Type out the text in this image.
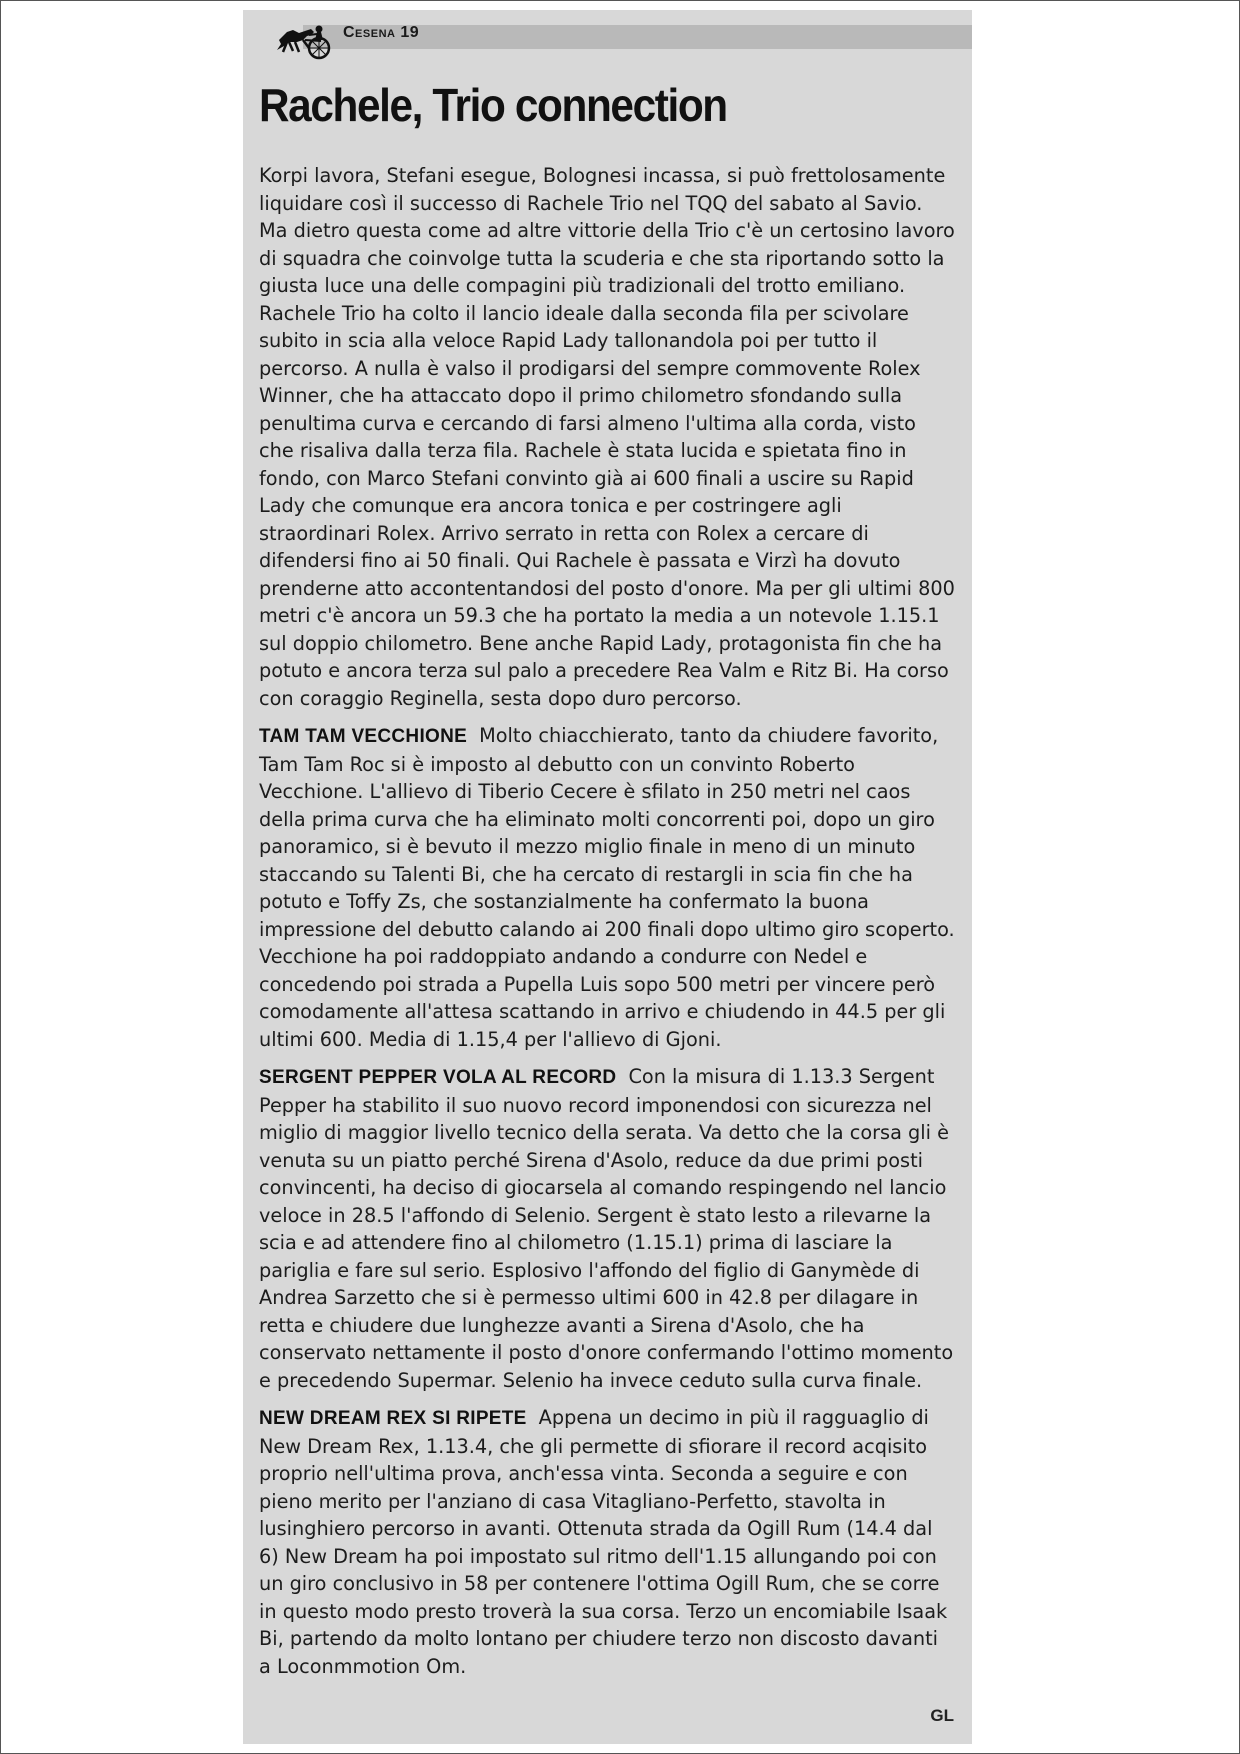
Cesena 19
Rachele, Trio connection

Korpi lavora, Stefani esegue, Bolognesi incassa, si può frettolosamente liquidare così il successo di Rachele Trio nel TQQ del sabato al Savio. Ma dietro questa come ad altre vittorie della Trio c'è un certosino lavoro di squadra che coinvolge tutta la scuderia e che sta riportando sotto la giusta luce una delle compagini più tradizionali del trotto emiliano.

Rachele Trio ha colto il lancio ideale dalla seconda fila per scivolare subito in scia alla veloce Rapid Lady tallonandola poi per tutto il percorso. A nulla è valso il prodigarsi del sempre commovente Rolex Winner, che ha attaccato dopo il primo chilometro sfondando sulla penultima curva e cercando di farsi almeno l'ultima alla corda, visto che risaliva dalla terza fila. Rachele è stata lucida e spietata fino in fondo, con Marco Stefani convinto già ai 600 finali a uscire su Rapid Lady che comunque era ancora tonica e per costringere agli straordinari Rolex. Arrivo serrato in retta con Rolex a cercare di difendersi fino ai 50 finali. Qui Rachele è passata e Virzì ha dovuto prenderne atto accontentandosi del posto d'onore. Ma per gli ultimi 800 metri c'è ancora un 59.3 che ha portato la media a un notevole 1.15.1 sul doppio chilometro. Bene anche Rapid Lady, protagonista fin che ha potuto e ancora terza sul palo a precedere Rea Valm e Ritz Bi. Ha corso con coraggio Reginella, sesta dopo duro percorso.

TAM TAM VECCHIONE Molto chiacchierato, tanto da chiudere favorito, Tam Tam Roc si è imposto al debutto con un convinto Roberto Vecchione. L'allievo di Tiberio Cecere è sfilato in 250 metri nel caos della prima curva che ha eliminato molti concorrenti poi, dopo un giro panoramico, si è bevuto il mezzo miglio finale in meno di un minuto staccando su Talenti Bi, che ha cercato di restargli in scia fin che ha potuto e Toffy Zs, che sostanzialmente ha confermato la buona impressione del debutto calando ai 200 finali dopo ultimo giro scoperto. Vecchione ha poi raddoppiato andando a condurre con Nedel e concedendo poi strada a Pupella Luis sopo 500 metri per vincere però comodamente all'attesa scattando in arrivo e chiudendo in 44.5 per gli ultimi 600. Media di 1.15,4 per l'allievo di Gjoni.

SERGENT PEPPER VOLA AL RECORD Con la misura di 1.13.3 Sergent Pepper ha stabilito il suo nuovo record imponendosi con sicurezza nel miglio di maggior livello tecnico della serata. Va detto che la corsa gli è venuta su un piatto perché Sirena d'Asolo, reduce da due primi posti convincenti, ha deciso di giocarsela al comando respingendo nel lancio veloce in 28.5 l'affondo di Selenio. Sergent è stato lesto a rilevarne la scia e ad attendere fino al chilometro (1.15.1) prima di lasciare la pariglia e fare sul serio. Esplosivo l'affondo del figlio di Ganymède di Andrea Sarzetto che si è permesso ultimi 600 in 42.8 per dilagare in retta e chiudere due lunghezze avanti a Sirena d'Asolo, che ha conservato nettamente il posto d'onore confermando l'ottimo momento e precedendo Supermar. Selenio ha invece ceduto sulla curva finale.

NEW DREAM REX SI RIPETE Appena un decimo in più il ragguaglio di New Dream Rex, 1.13.4, che gli permette di sfiorare il record acqisito proprio nell'ultima prova, anch'essa vinta. Seconda a seguire e con pieno merito per l'anziano di casa Vitagliano-Perfetto, stavolta in lusinghiero percorso in avanti. Ottenuta strada da Ogill Rum (14.4 dal 6) New Dream ha poi impostato sul ritmo dell'1.15 allungando poi con un giro conclusivo in 58 per contenere l'ottima Ogill Rum, che se corre in questo modo presto troverà la sua corsa. Terzo un encomiabile Isaak Bi, partendo da molto lontano per chiudere terzo non discosto davanti a Loconmmotion Om.

GL
